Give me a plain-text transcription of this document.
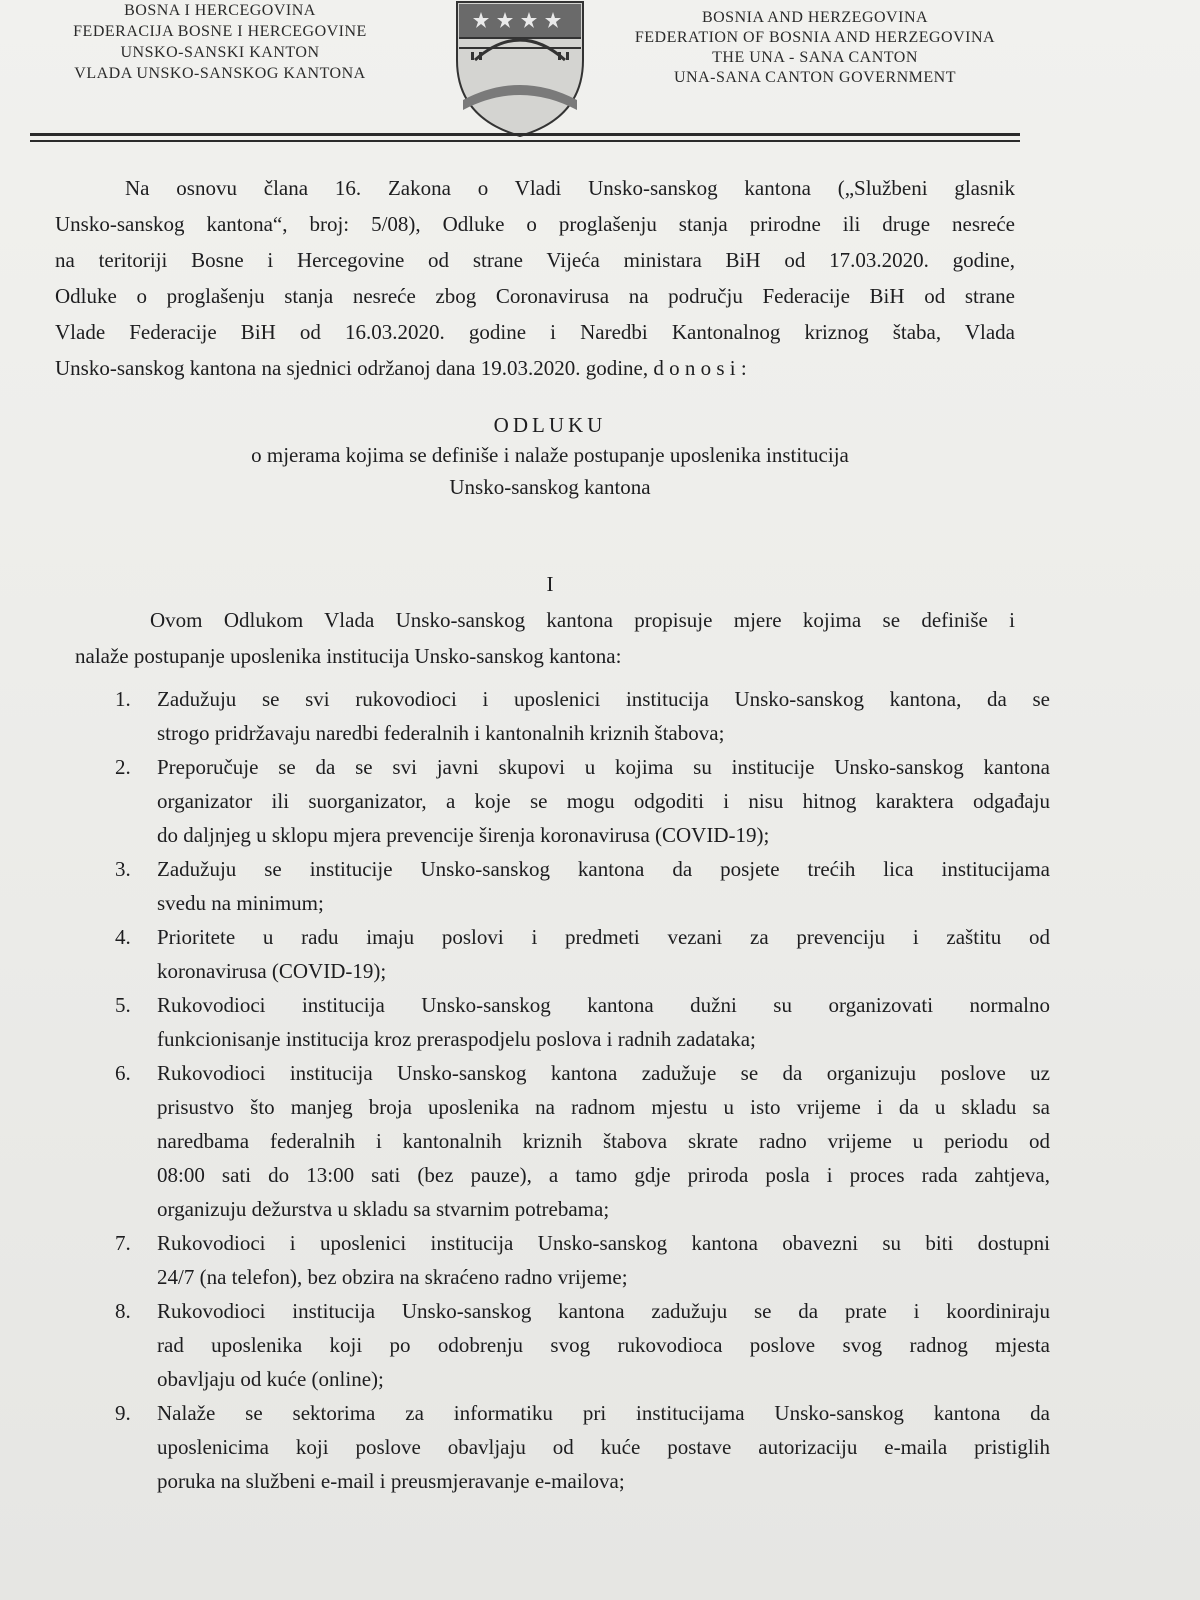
BOSNA I HERCEGOVINA
FEDERACIJA BOSNE I HERCEGOVINE
UNSKO-SANSKI KANTON
VLADA UNSKO-SANSKOG KANTONA
BOSNIA AND HERZEGOVINA
FEDERATION OF BOSNIA AND HERZEGOVINA
THE UNA - SANA CANTON
UNA-SANA CANTON GOVERNMENT
Na osnovu člana 16. Zakona o Vladi Unsko-sanskog kantona („Službeni glasnik
Unsko-sanskog kantona“, broj: 5/08), Odluke o proglašenju stanja prirodne ili druge nesreće
na teritoriji Bosne i Hercegovine od strane Vijeća ministara BiH od 17.03.2020. godine,
Odluke o proglašenju stanja nesreće zbog Coronavirusa na području Federacije BiH od strane
Vlade Federacije BiH od 16.03.2020. godine i Naredbi Kantonalnog kriznog štaba, Vlada
Unsko-sanskog kantona na sjednici održanoj dana 19.03.2020. godine, d o n o s i :
ODLUKU
o mjerama kojima se definiše i nalaže postupanje uposlenika institucija
Unsko-sanskog kantona
I
Ovom Odlukom Vlada Unsko-sanskog kantona propisuje mjere kojima se definiše i
nalaže postupanje uposlenika institucija Unsko-sanskog kantona:
1. Zadužuju se svi rukovodioci i uposlenici institucija Unsko-sanskog kantona, da se
strogo pridržavaju naredbi federalnih i kantonalnih kriznih štabova;
2. Preporučuje se da se svi javni skupovi u kojima su institucije Unsko-sanskog kantona
organizator ili suorganizator, a koje se mogu odgoditi i nisu hitnog karaktera odgađaju
do daljnjeg u sklopu mjera prevencije širenja koronavirusa (COVID-19);
3. Zadužuju se institucije Unsko-sanskog kantona da posjete trećih lica institucijama
svedu na minimum;
4. Prioritete u radu imaju poslovi i predmeti vezani za prevenciju i zaštitu od
koronavirusa (COVID-19);
5. Rukovodioci institucija Unsko-sanskog kantona dužni su organizovati normalno
funkcionisanje institucija kroz preraspodjelu poslova i radnih zadataka;
6. Rukovodioci institucija Unsko-sanskog kantona zadužuje se da organizuju poslove uz
prisustvo što manjeg broja uposlenika na radnom mjestu u isto vrijeme i da u skladu sa
naredbama federalnih i kantonalnih kriznih štabova skrate radno vrijeme u periodu od
08:00 sati do 13:00 sati (bez pauze), a tamo gdje priroda posla i proces rada zahtjeva,
organizuju dežurstva u skladu sa stvarnim potrebama;
7. Rukovodioci i uposlenici institucija Unsko-sanskog kantona obavezni su biti dostupni
24/7 (na telefon), bez obzira na skraćeno radno vrijeme;
8. Rukovodioci institucija Unsko-sanskog kantona zadužuju se da prate i koordiniraju
rad uposlenika koji po odobrenju svog rukovodioca poslove svog radnog mjesta
obavljaju od kuće (online);
9. Nalaže se sektorima za informatiku pri institucijama Unsko-sanskog kantona da
uposlenicima koji poslove obavljaju od kuće postave autorizaciju e-maila pristiglih
poruka na službeni e-mail i preusmjeravanje e-mailova;
